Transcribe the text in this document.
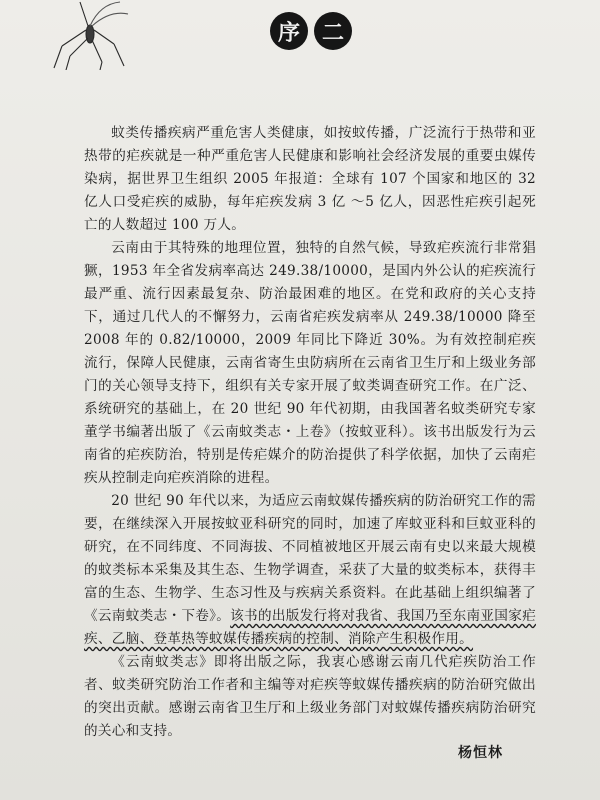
序 二

蚊类传播疾病严重危害人类健康，如按蚊传播，广泛流行于热带和亚热带的疟疾就是一种严重危害人民健康和影响社会经济发展的重要虫媒传染病，据世界卫生组织 2005 年报道：全球有 107 个国家和地区的 32 亿人口受疟疾的威胁，每年疟疾发病 3 亿 ～5 亿人，因恶性疟疾引起死亡的人数超过 100 万人。

云南由于其特殊的地理位置，独特的自然气候，导致疟疾流行非常猖獗，1953 年全省发病率高达 249.38/10000，是国内外公认的疟疾流行最严重、流行因素最复杂、防治最困难的地区。在党和政府的关心支持下，通过几代人的不懈努力，云南省疟疾发病率从 249.38/10000 降至 2008 年的 0.82/10000，2009 年同比下降近 30%。为有效控制疟疾流行，保障人民健康，云南省寄生虫防病所在云南省卫生厅和上级业务部门的关心领导支持下，组织有关专家开展了蚊类调查研究工作。在广泛、系统研究的基础上，在 20 世纪 90 年代初期，由我国著名蚊类研究专家董学书编著出版了《云南蚊类志・上卷》（按蚊亚科）。该书出版发行为云南省的疟疾防治，特别是传疟媒介的防治提供了科学依据，加快了云南疟疾从控制走向疟疾消除的进程。

20 世纪 90 年代以来，为适应云南蚊媒传播疾病的防治研究工作的需要，在继续深入开展按蚊亚科研究的同时，加速了库蚊亚科和巨蚊亚科的研究，在不同纬度、不同海拔、不同植被地区开展云南有史以来最大规模的蚊类标本采集及其生态、生物学调查，采获了大量的蚊类标本，获得丰富的生态、生物学、生态习性及与疾病关系资料。在此基础上组织编著了《云南蚊类志・下卷》。该书的出版发行将对我省、我国乃至东南亚国家疟疾、乙脑、登革热等蚊媒传播疾病的控制、消除产生积极作用。

《云南蚊类志》即将出版之际，我衷心感谢云南几代疟疾防治工作者、蚊类研究防治工作者和主编等对疟疾等蚊媒传播疾病的防治研究做出的突出贡献。感谢云南省卫生厅和上级业务部门对蚊媒传播疾病防治研究的关心和支持。

杨恒林
